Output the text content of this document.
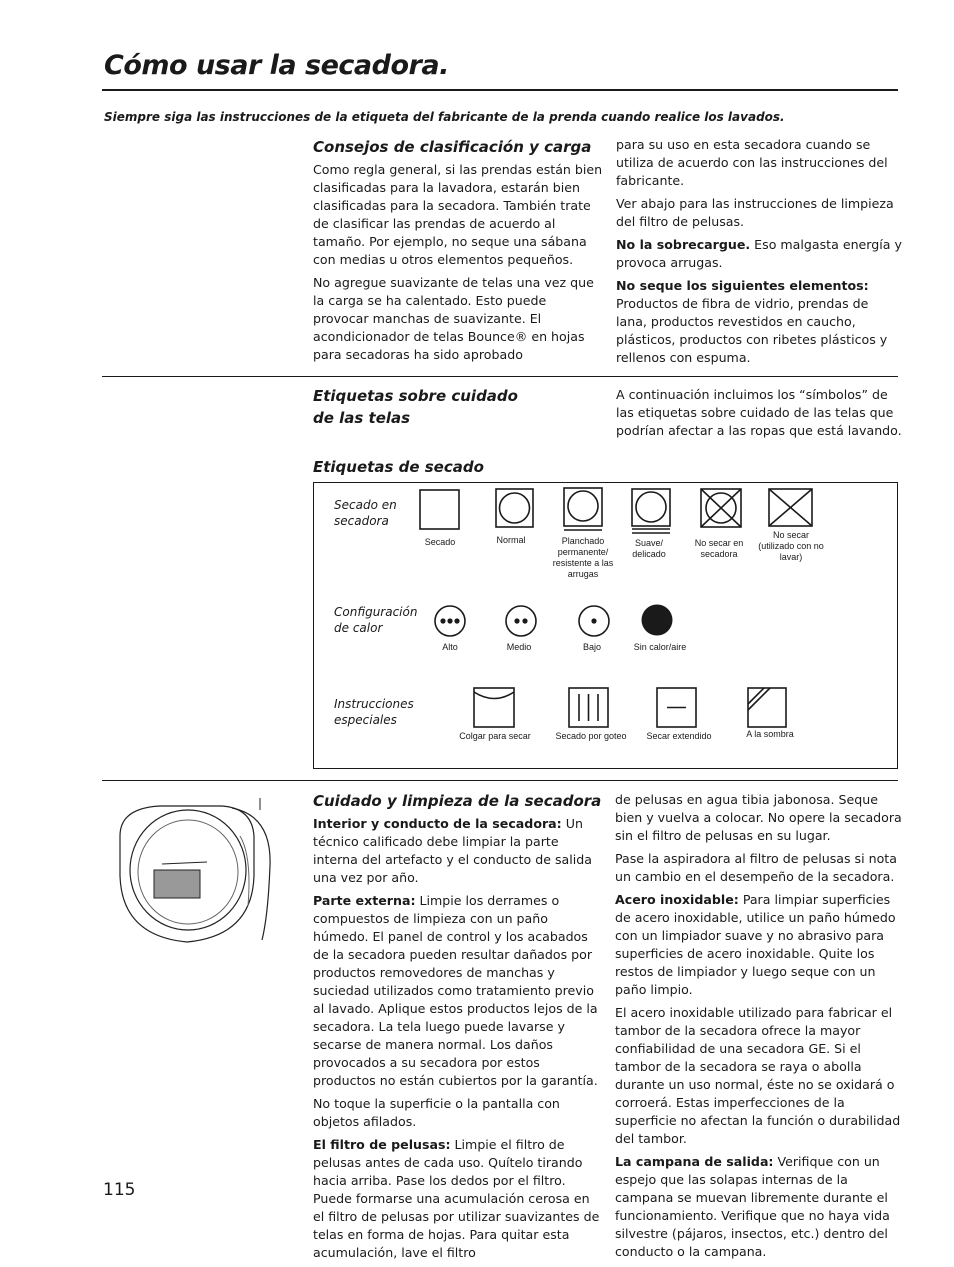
Cómo usar la secadora.
Siempre siga las instrucciones de la etiqueta del fabricante de la prenda cuando realice los lavados.
Consejos de clasificación y carga

Como regla general, si las prendas están bien clasificadas para la lavadora, estarán bien clasificadas para la secadora. También trate de clasificar las prendas de acuerdo al tamaño. Por ejemplo, no seque una sábana con medias u otros elementos pequeños.

No agregue suavizante de telas una vez que la carga se ha calentado. Esto puede provocar manchas de suavizante. El acondicionador de telas Bounce® en hojas para secadoras ha sido aprobado

para su uso en esta secadora cuando se utiliza de acuerdo con las instrucciones del fabricante.

Ver abajo para las instrucciones de limpieza del filtro de pelusas.

No la sobrecargue. Eso malgasta energía y provoca arrugas.

No seque los siguientes elementos:
Productos de fibra de vidrio, prendas de lana, productos revestidos en caucho, plásticos, productos con ribetes plásticos y rellenos con espuma.

Etiquetas sobre cuidado de las telas
A continuación incluimos los “símbolos” de las etiquetas sobre cuidado de las telas que podrían afectar a las ropas que está lavando.
Etiquetas de secado
Secado en secadora
Configuración de calor
Instrucciones especiales
Secado	Normal	Planchado permanente/ resistente a las arrugas
Suave/ delicado
No secar en secadora
No secar (utilizado con no lavar)
Alto	Medio	Bajo	Sin calor/aire
Colgar para secar	Secado por goteo	Secar extendido	A la sombra
Cuidado y limpieza de la secadora

Interior y conducto de la secadora: Un técnico calificado debe limpiar la parte interna del artefacto y el conducto de salida una vez por año.

Parte externa: Limpie los derrames o compuestos de limpieza con un paño húmedo. El panel de control y los acabados de la secadora pueden resultar dañados por productos removedores de manchas y suciedad utilizados como tratamiento previo al lavado. Aplique estos productos lejos de la secadora. La tela luego puede lavarse y secarse de manera normal. Los daños provocados a su secadora por estos productos no están cubiertos por la garantía.

No toque la superficie o la pantalla con objetos afilados.

El filtro de pelusas: Limpie el filtro de pelusas antes de cada uso. Quítelo tirando hacia arriba. Pase los dedos por el filtro. Puede formarse una acumulación cerosa en el filtro de pelusas por utilizar suavizantes de telas en forma de hojas. Para quitar esta acumulación, lave el filtro

de pelusas en agua tibia jabonosa. Seque bien y vuelva a colocar. No opere la secadora sin el filtro de pelusas en su lugar.

Pase la aspiradora al filtro de pelusas si nota un cambio en el desempeño de la secadora.

Acero inoxidable: Para limpiar superficies de acero inoxidable, utilice un paño húmedo con un limpiador suave y no abrasivo para superficies de acero inoxidable. Quite los restos de limpiador y luego seque con un paño limpio.

El acero inoxidable utilizado para fabricar el tambor de la secadora ofrece la mayor confiabilidad de una secadora GE. Si el tambor de la secadora se raya o abolla durante un uso normal, éste no se oxidará o corroerá. Estas imperfecciones de la superficie no afectan la función o durabilidad del tambor.

La campana de salida: Verifique con un espejo que las solapas internas de la campana se muevan libremente durante el funcionamiento. Verifique que no haya vida silvestre (pájaros, insectos, etc.) dentro del conducto o la campana.

115
